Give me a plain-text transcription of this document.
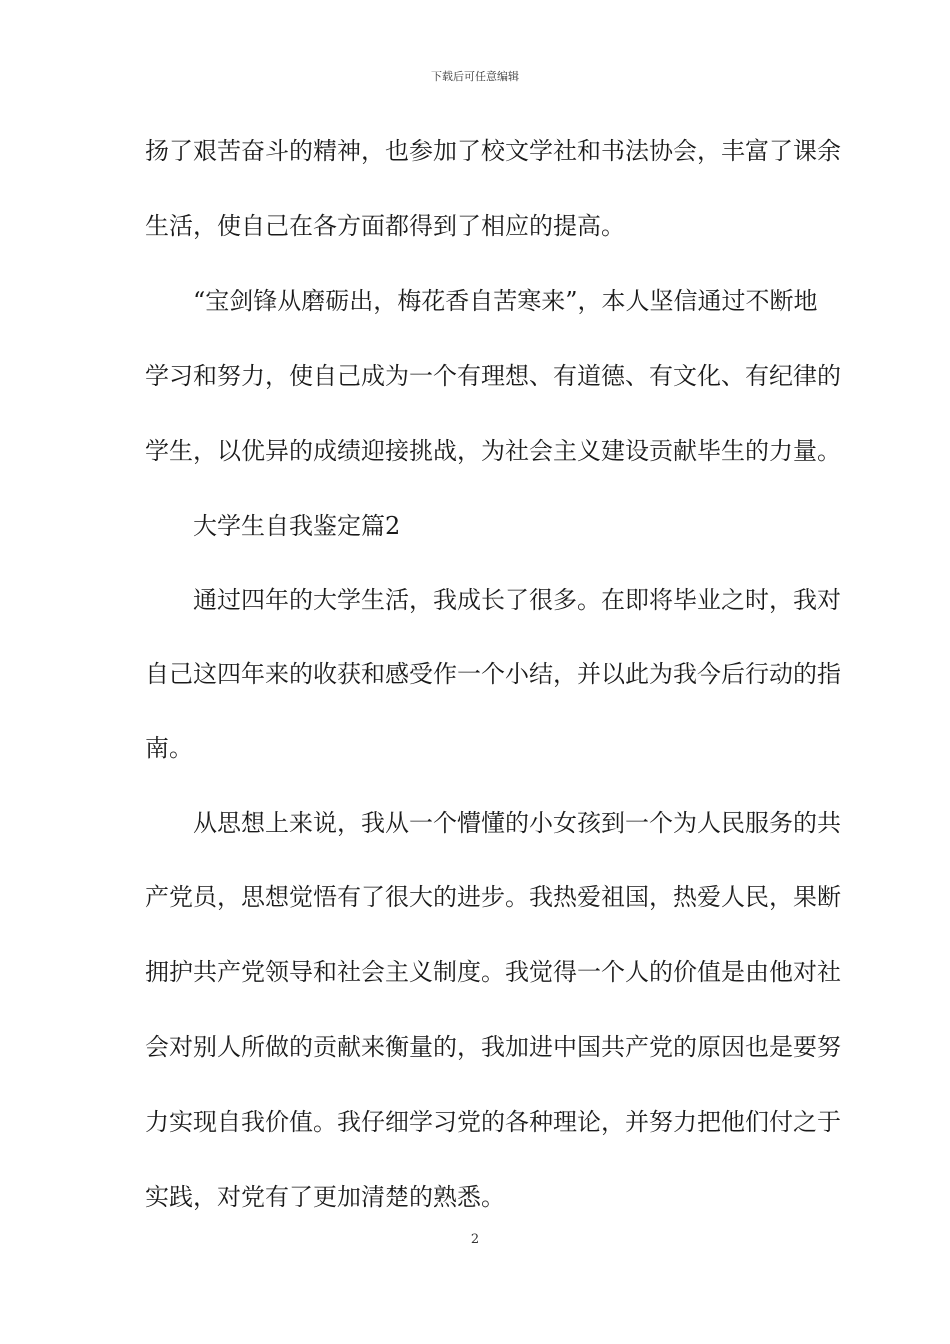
下载后可任意编辑
扬了艰苦奋斗的精神，也参加了校文学社和书法协会，丰富了课余
生活，使自己在各方面都得到了相应的提高。
“宝剑锋从磨砺出，梅花香自苦寒来”，本人坚信通过不断地
学习和努力，使自己成为一个有理想、有道德、有文化、有纪律的
学生，以优异的成绩迎接挑战，为社会主义建设贡献毕生的力量。
大学生自我鉴定篇2
通过四年的大学生活，我成长了很多。在即将毕业之时，我对
自己这四年来的收获和感受作一个小结，并以此为我今后行动的指
南。
从思想上来说，我从一个懵懂的小女孩到一个为人民服务的共
产党员，思想觉悟有了很大的进步。我热爱祖国，热爱人民，果断
拥护共产党领导和社会主义制度。我觉得一个人的价值是由他对社
会对别人所做的贡献来衡量的，我加进中国共产党的原因也是要努
力实现自我价值。我仔细学习党的各种理论，并努力把他们付之于
实践，对党有了更加清楚的熟悉。
2
